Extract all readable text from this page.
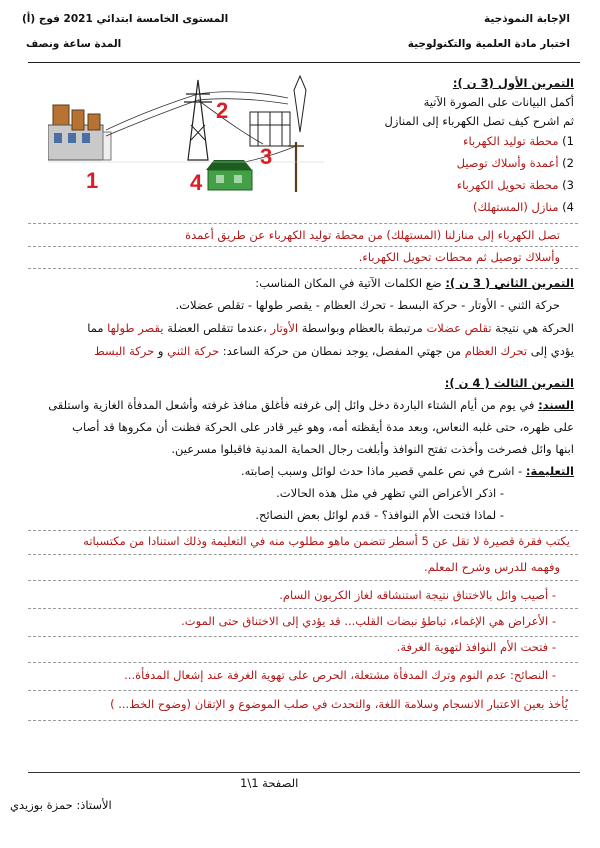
الإجابة النموذجية
اختبار مادة العلمية والتكنولوجية
المستوى الخامسة ابتدائي 2021 فوج (أ)
المدة ساعة ونصف
1
2
3
4
التمرين الأول (3 ن ):
أكمل البيانات على الصورة الآتية
ثم اشرح كيف تصل الكهرباء إلى المنازل
1) محطة توليد الكهرباء
2) أعمدة وأسلاك توصيل
3) محطة تحويل الكهرباء
4) منازل (المستهلك)
تصل الكهرباء إلى منازلنا (المستهلك) من محطة توليد الكهرباء عن طريق أعمدة
وأسلاك توصيل ثم محطات تحويل الكهرباء.
التمرين الثاني ( 3 ن ): ضع الكلمات الآتية في المكان المناسب:
حركة الثني - الأوتار - حركة البسط - تحرك العظام - يقصر طولها - تقلص عضلات.
الحركة هي نتيجة تقلص عضلات مرتبطة بالعظام وبواسطة الأوتار ،عندما تتقلص العضلة يقصر طولها مما
يؤدي إلى تحرك العظام من جهتي المفصل، يوجد نمطان من حركة الساعد: حركة الثني و حركة البسط
التمرين الثالث ( 4 ن ):
السند: في يوم من أيام الشتاء الباردة دخل وائل إلى غرفته فأغلق منافذ غرفته وأشعل المدفأة الغازية واستلقى
على ظهره، حتى غلبه النعاس، وبعد مدة أيقظته أمه، وهو غير قادر على الحركة فظنت أن مكروها قد أصاب
ابنها وائل فصرخت وأخذت تفتح النوافذ وأبلغت رجال الحماية المدنية فاقبلوا مسرعين.
التعليمة: - اشرح في نص علمي قصير ماذا حدث لوائل وسبب إصابته.
- اذكر الأعراض التي تظهر في مثل هذه الحالات.
- لماذا فتحت الأم النوافذ؟ - قدم لوائل بعض النصائح.
يكتب فقرة قصيرة لا تقل عن 5 أسطر تتضمن ماهو مطلوب منه في التعليمة وذلك استنادا من مكتسباته
وفهمه للدرس وشرح المعلم.
- أصيب وائل بالاختناق نتيجة استنشاقه لغاز الكربون السام.
- الأعراض هي الإغماء، تباطؤ نبضات القلب... قد يؤدي إلى الاختناق حتى الموت.
- فتحت الأم النوافذ لتهوية الغرفة.
- النصائح: عدم النوم وترك المدفأة مشتعلة، الحرص على تهوية الغرفة عند إشعال المدفأة...
يُأخذ بعين الاعتبار الانسجام وسلامة اللغة، والتحدث في صلب الموضوع و الإتقان (وضوح الخط... )
الصفحة 1\1
الأستاذ: حمزة بوزيدي
